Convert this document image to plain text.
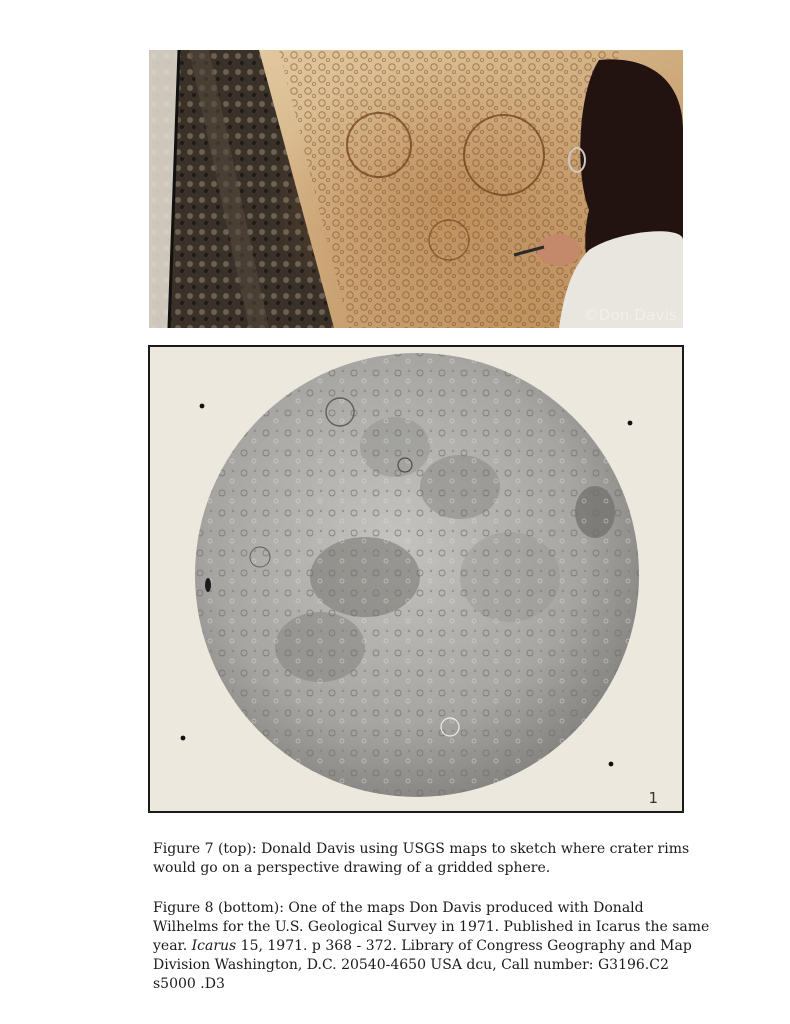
©Don Davis
1

Figure 7 (top): Donald Davis using USGS maps to sketch where crater rims would go on a perspective drawing of a gridded sphere.

Figure 8 (bottom): One of the maps Don Davis produced with Donald Wilhelms for the U.S. Geological Survey in 1971. Published in Icarus the same year. Icarus 15, 1971. p 368 - 372. Library of Congress Geography and Map Division Washington, D.C. 20540-4650 USA dcu, Call number: G3196.C2 s5000 .D3
